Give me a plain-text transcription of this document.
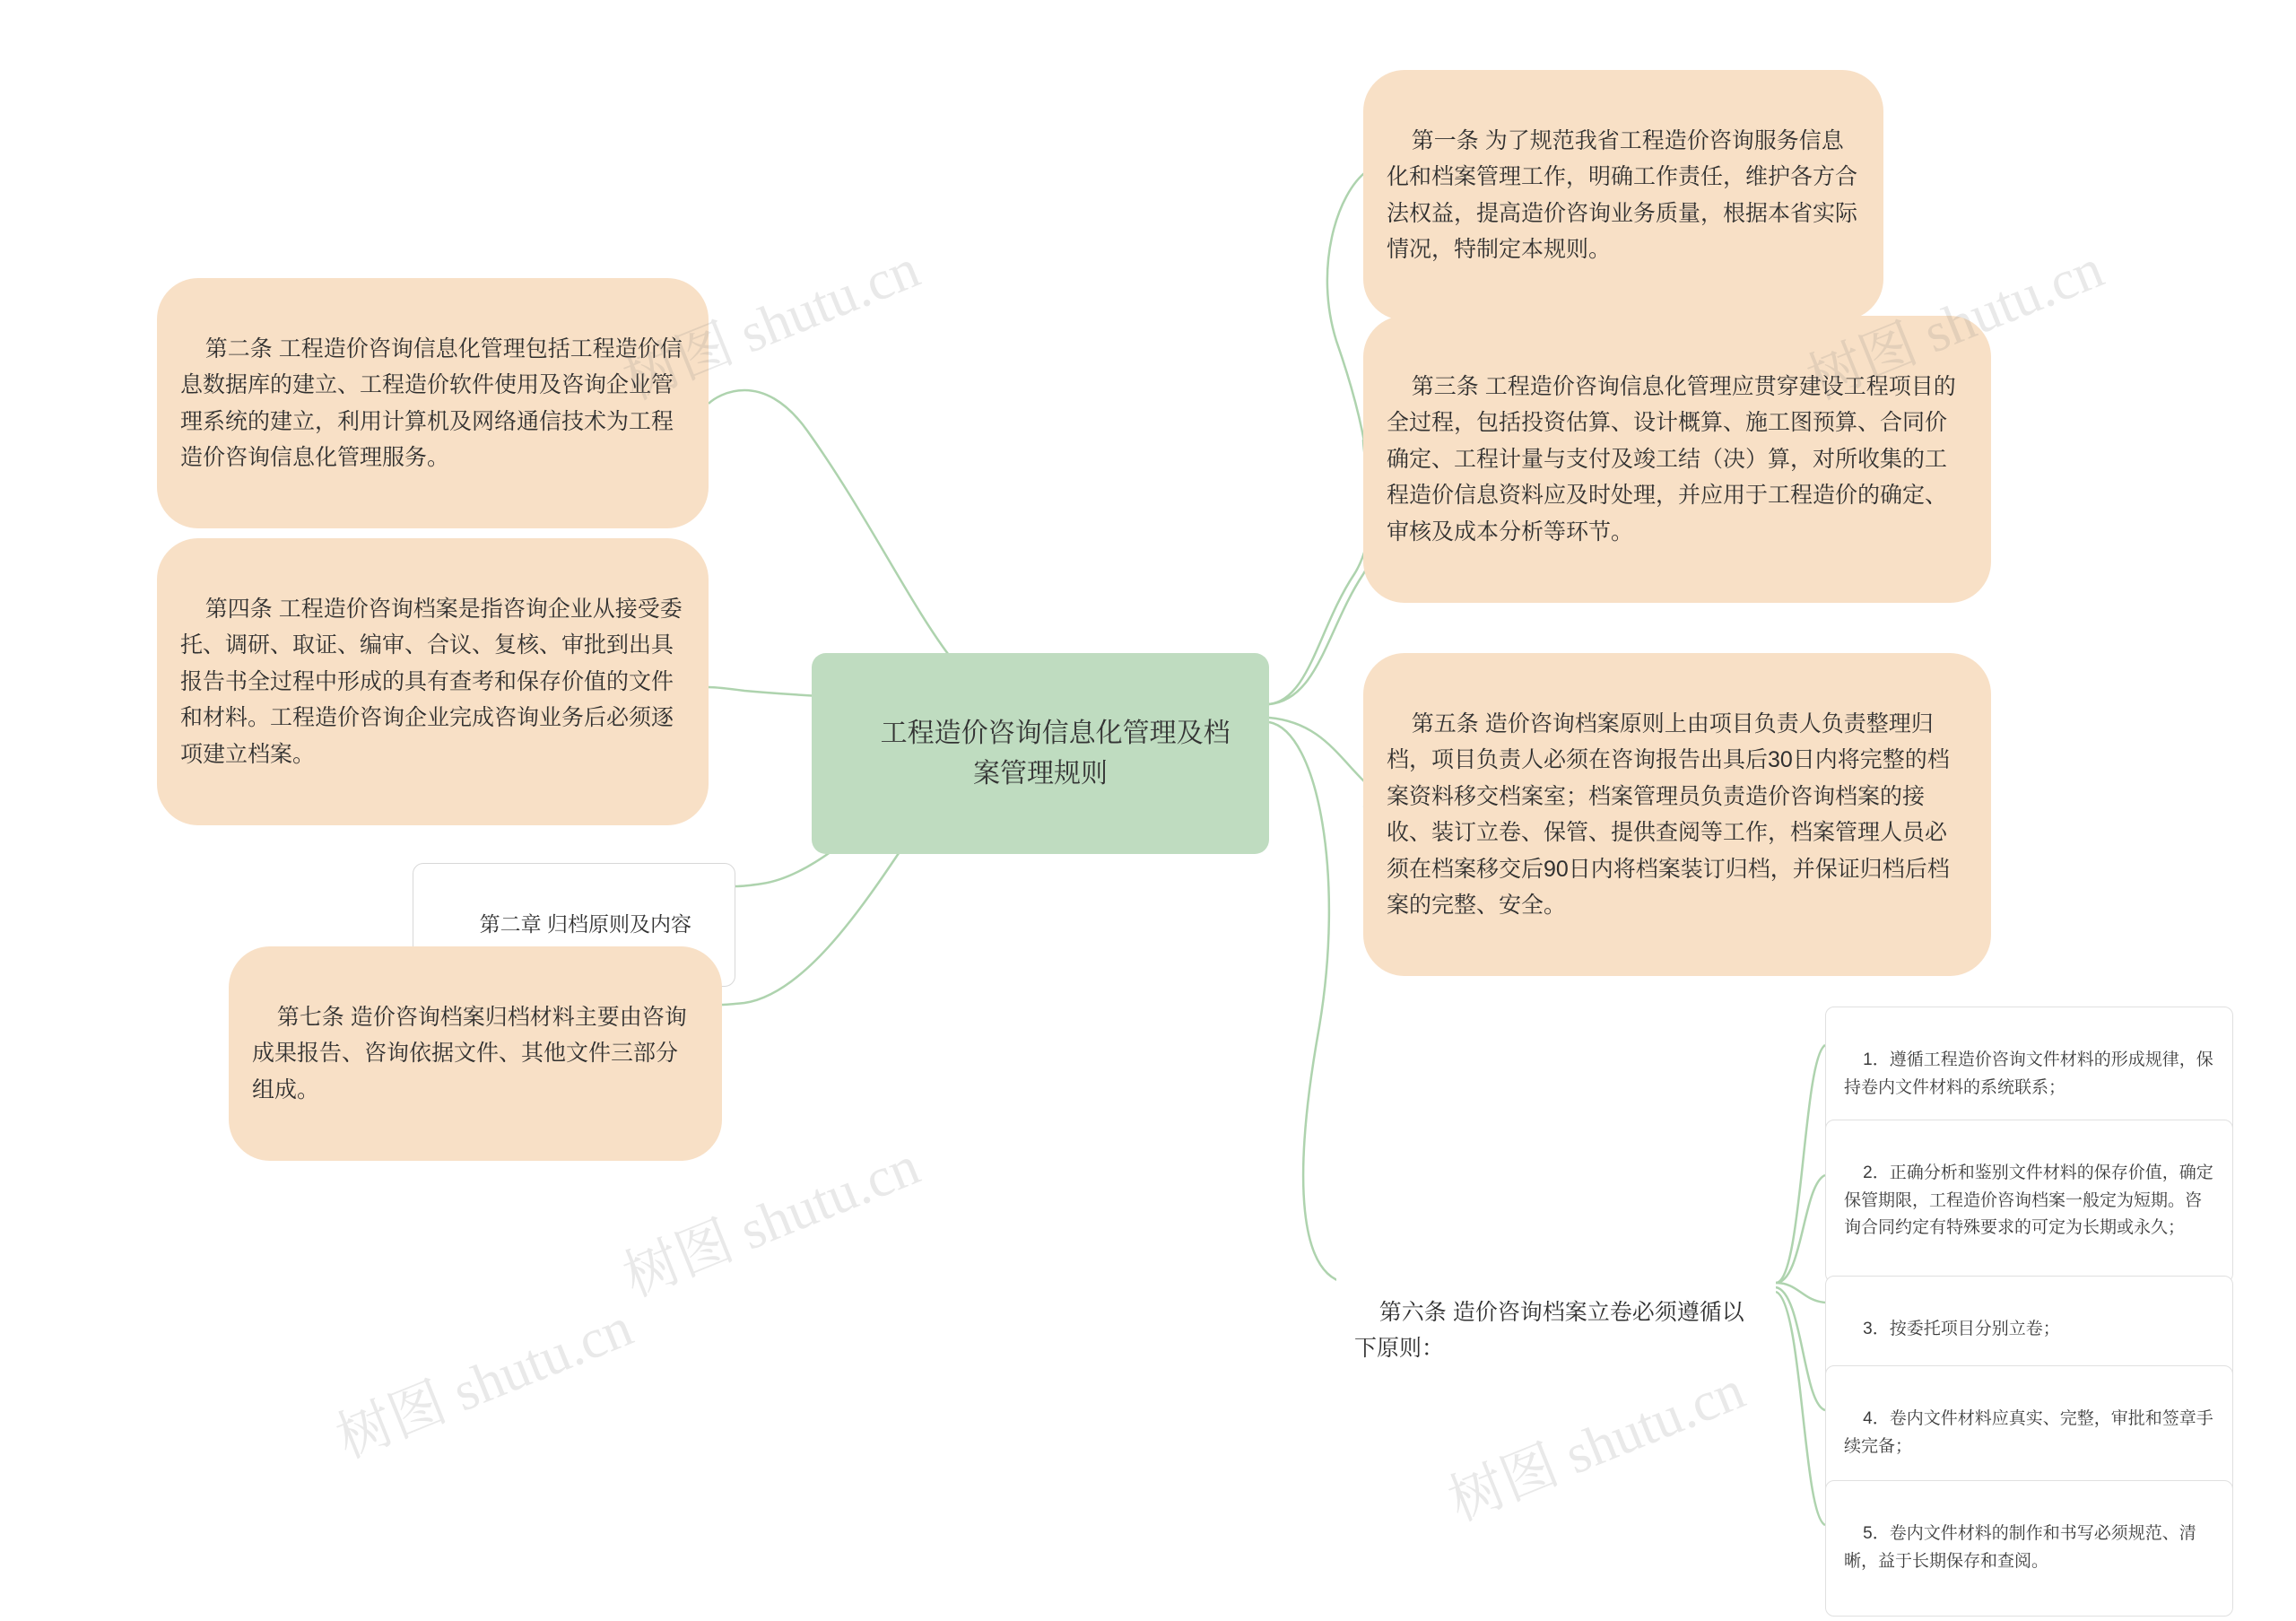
工程造价咨询信息化管理及档案管理规则

第一条 为了规范我省工程造价咨询服务信息化和档案管理工作，明确工作责任，维护各方合法权益，提高造价咨询业务质量，根据本省实际情况，特制定本规则。

第三条 工程造价咨询信息化管理应贯穿建设工程项目的全过程，包括投资估算、设计概算、施工图预算、合同价确定、工程计量与支付及竣工结（决）算，对所收集的工程造价信息资料应及时处理，并应用于工程造价的确定、审核及成本分析等环节。

第五条 造价咨询档案原则上由项目负责人负责整理归档，项目负责人必须在咨询报告出具后30日内将完整的档案资料移交档案室；档案管理员负责造价咨询档案的接收、装订立卷、保管、提供查阅等工作，档案管理人员必须在档案移交后90日内将档案装订归档，并保证归档后档案的完整、安全。

第二条 工程造价咨询信息化管理包括工程造价信息数据库的建立、工程造价软件使用及咨询企业管理系统的建立，利用计算机及网络通信技术为工程造价咨询信息化管理服务。

第四条 工程造价咨询档案是指咨询企业从接受委托、调研、取证、编审、合议、复核、审批到出具报告书全过程中形成的具有查考和保存价值的文件和材料。工程造价咨询企业完成咨询业务后必须逐项建立档案。

第二章 归档原则及内容

第七条 造价咨询档案归档材料主要由咨询成果报告、咨询依据文件、其他文件三部分组成。

第六条 造价咨询档案立卷必须遵循以下原则：

1．遵循工程造价咨询文件材料的形成规律，保持卷内文件材料的系统联系；

2．正确分析和鉴别文件材料的保存价值，确定保管期限，工程造价咨询档案一般定为短期。咨询合同约定有特殊要求的可定为长期或永久；

3．按委托项目分别立卷；

4．卷内文件材料应真实、完整，审批和签章手续完备；

5．卷内文件材料的制作和书写必须规范、清晰，益于长期保存和查阅。

树图 shutu.cn	shutu.cn
树图 shutu.cn
树图 shutu.cn
树图 shutu.cn
